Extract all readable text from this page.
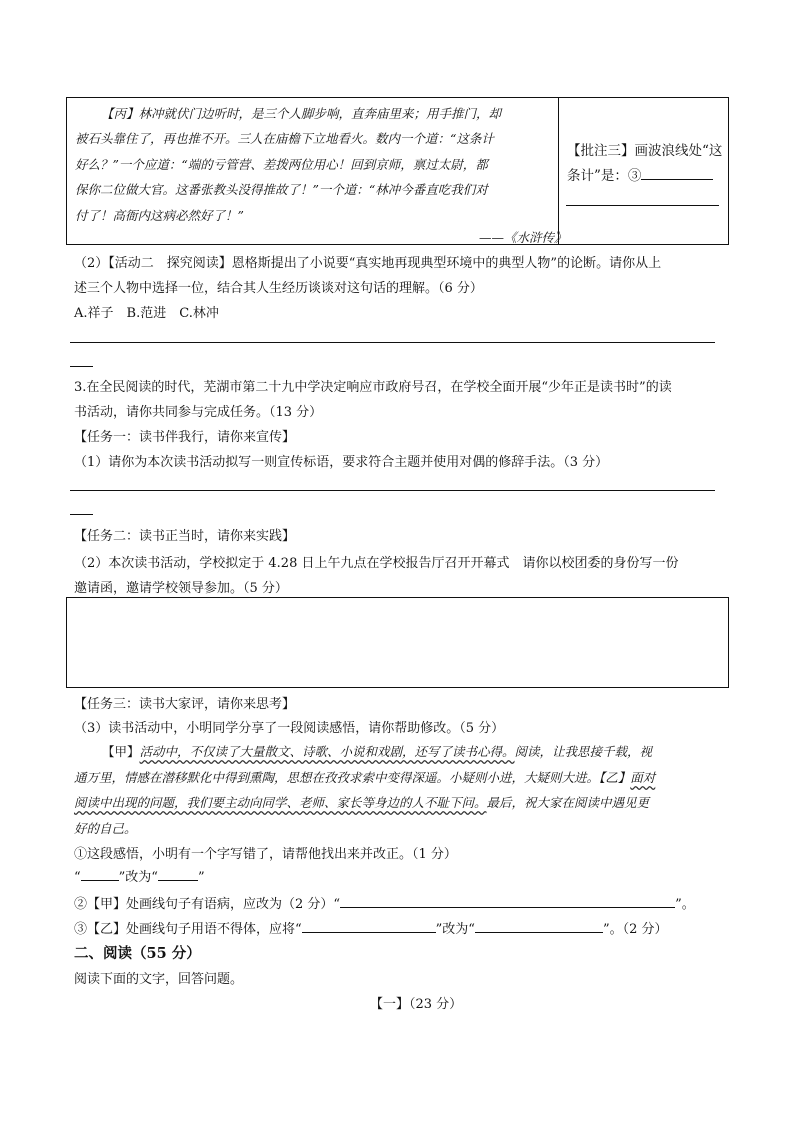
【丙】林冲就伏门边听时，是三个人脚步响，直奔庙里来；用手推门，却
被石头靠住了，再也推不开。三人在庙檐下立地看火。数内一个道：“这条计
好么？”一个应道：“端的亏管营、差拨两位用心！回到京师，禀过太尉，都
保你二位做大官。这番张教头没得推故了！”一个道：“林冲今番直吃我们对
付了！高衙内这病必然好了！”
——《水浒传》
【批注三】画波浪线处“这
条计”是：③
（2）【活动二　探究阅读】恩格斯提出了小说要“真实地再现典型环境中的典型人物”的论断。请你从上
述三个人物中选择一位，结合其人生经历谈谈对这句话的理解。（6 分）
A.祥子　B.范进　C.林冲
3.在全民阅读的时代，芜湖市第二十九中学决定响应市政府号召，在学校全面开展“少年正是读书时”的读
书活动，请你共同参与完成任务。（13 分）
【任务一：读书伴我行，请你来宣传】
（1）请你为本次读书活动拟写一则宣传标语，要求符合主题并使用对偶的修辞手法。（3 分）
【任务二：读书正当时，请你来实践】
（2）本次读书活动，学校拟定于 4.28 日上午九点在学校报告厅召开开幕式　请你以校团委的身份写一份
邀请函，邀请学校领导参加。（5 分）
【任务三：读书大家评，请你来思考】
（3）读书活动中，小明同学分享了一段阅读感悟，请你帮助修改。（5 分）
【甲】活动中，不仅读了大量散文、诗歌、小说和戏剧，还写了读书心得。阅读，让我思接千载，视
通万里，情感在潜移默化中得到熏陶，思想在孜孜求索中变得深遥。小疑则小进，大疑则大进。【乙】面对
阅读中出现的问题，我们要主动向同学、老师、家长等身边的人不耻下问。最后，祝大家在阅读中遇见更
好的自己。
①这段感悟，小明有一个字写错了，请帮他找出来并改正。（1 分）
“	”改为“	”
②【甲】处画线句子有语病，应改为（2 分）“	”。
③【乙】处画线句子用语不得体，应将“	”改为“	”。（2 分）
二、阅读（55 分）
阅读下面的文字，回答问题。
【一】（23 分）
